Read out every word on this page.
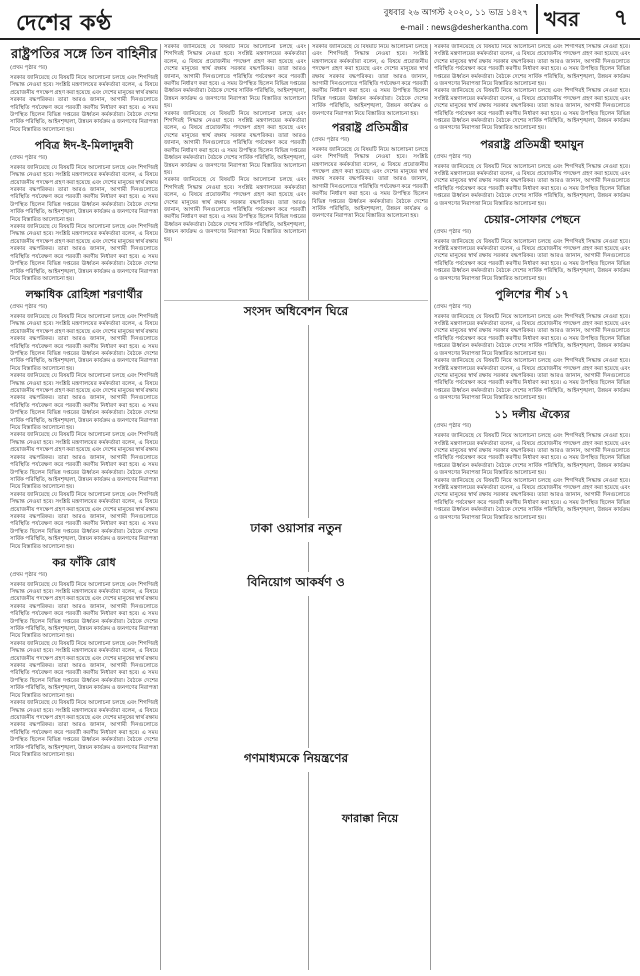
দেশের কণ্ঠ	বুধবার ২৬ আগস্ট ২০২০, ১১ ভাদ্র ১৪২৭
e-mail : news@desherkantha.com খবর	৭
রাষ্ট্রপতির সঙ্গে তিন বাহিনীর
(প্রথম পৃষ্ঠার পর)
সরকার জানিয়েছে যে বিষয়টি নিয়ে আলোচনা চলছে এবং শিগগিরই সিদ্ধান্ত নেওয়া হবে। সংশ্লিষ্ট মন্ত্রণালয়ের কর্মকর্তারা বলেন, এ বিষয়ে প্রয়োজনীয় পদক্ষেপ গ্রহণ করা হয়েছে এবং দেশের মানুষের স্বার্থ রক্ষায় সরকার বদ্ধপরিকর। তারা আরও জানান, আগামী দিনগুলোতে পরিস্থিতি পর্যবেক্ষণ করে পরবর্তী করণীয় নির্ধারণ করা হবে। এ সময় উপস্থিত ছিলেন বিভিন্ন দপ্তরের ঊর্ধ্বতন কর্মকর্তারা। বৈঠকে দেশের সার্বিক পরিস্থিতি, আইনশৃঙ্খলা, উন্নয়ন কার্যক্রম ও জনগণের নিরাপত্তা নিয়ে বিস্তারিত আলোচনা হয়।
পবিত্র ঈদ-ই-মিলাদুন্নবী
(প্রথম পৃষ্ঠার পর)
সরকার জানিয়েছে যে বিষয়টি নিয়ে আলোচনা চলছে এবং শিগগিরই সিদ্ধান্ত নেওয়া হবে। সংশ্লিষ্ট মন্ত্রণালয়ের কর্মকর্তারা বলেন, এ বিষয়ে প্রয়োজনীয় পদক্ষেপ গ্রহণ করা হয়েছে এবং দেশের মানুষের স্বার্থ রক্ষায় সরকার বদ্ধপরিকর। তারা আরও জানান, আগামী দিনগুলোতে পরিস্থিতি পর্যবেক্ষণ করে পরবর্তী করণীয় নির্ধারণ করা হবে। এ সময় উপস্থিত ছিলেন বিভিন্ন দপ্তরের ঊর্ধ্বতন কর্মকর্তারা। বৈঠকে দেশের সার্বিক পরিস্থিতি, আইনশৃঙ্খলা, উন্নয়ন কার্যক্রম ও জনগণের নিরাপত্তা নিয়ে বিস্তারিত আলোচনা হয়।
সরকার জানিয়েছে যে বিষয়টি নিয়ে আলোচনা চলছে এবং শিগগিরই সিদ্ধান্ত নেওয়া হবে। সংশ্লিষ্ট মন্ত্রণালয়ের কর্মকর্তারা বলেন, এ বিষয়ে প্রয়োজনীয় পদক্ষেপ গ্রহণ করা হয়েছে এবং দেশের মানুষের স্বার্থ রক্ষায় সরকার বদ্ধপরিকর। তারা আরও জানান, আগামী দিনগুলোতে পরিস্থিতি পর্যবেক্ষণ করে পরবর্তী করণীয় নির্ধারণ করা হবে। এ সময় উপস্থিত ছিলেন বিভিন্ন দপ্তরের ঊর্ধ্বতন কর্মকর্তারা। বৈঠকে দেশের সার্বিক পরিস্থিতি, আইনশৃঙ্খলা, উন্নয়ন কার্যক্রম ও জনগণের নিরাপত্তা নিয়ে বিস্তারিত আলোচনা হয়।
লক্ষাধিক রোহিঙ্গা শরণার্থীর
(প্রথম পৃষ্ঠার পর)
সরকার জানিয়েছে যে বিষয়টি নিয়ে আলোচনা চলছে এবং শিগগিরই সিদ্ধান্ত নেওয়া হবে। সংশ্লিষ্ট মন্ত্রণালয়ের কর্মকর্তারা বলেন, এ বিষয়ে প্রয়োজনীয় পদক্ষেপ গ্রহণ করা হয়েছে এবং দেশের মানুষের স্বার্থ রক্ষায় সরকার বদ্ধপরিকর। তারা আরও জানান, আগামী দিনগুলোতে পরিস্থিতি পর্যবেক্ষণ করে পরবর্তী করণীয় নির্ধারণ করা হবে। এ সময় উপস্থিত ছিলেন বিভিন্ন দপ্তরের ঊর্ধ্বতন কর্মকর্তারা। বৈঠকে দেশের সার্বিক পরিস্থিতি, আইনশৃঙ্খলা, উন্নয়ন কার্যক্রম ও জনগণের নিরাপত্তা নিয়ে বিস্তারিত আলোচনা হয়।
সরকার জানিয়েছে যে বিষয়টি নিয়ে আলোচনা চলছে এবং শিগগিরই সিদ্ধান্ত নেওয়া হবে। সংশ্লিষ্ট মন্ত্রণালয়ের কর্মকর্তারা বলেন, এ বিষয়ে প্রয়োজনীয় পদক্ষেপ গ্রহণ করা হয়েছে এবং দেশের মানুষের স্বার্থ রক্ষায় সরকার বদ্ধপরিকর। তারা আরও জানান, আগামী দিনগুলোতে পরিস্থিতি পর্যবেক্ষণ করে পরবর্তী করণীয় নির্ধারণ করা হবে। এ সময় উপস্থিত ছিলেন বিভিন্ন দপ্তরের ঊর্ধ্বতন কর্মকর্তারা। বৈঠকে দেশের সার্বিক পরিস্থিতি, আইনশৃঙ্খলা, উন্নয়ন কার্যক্রম ও জনগণের নিরাপত্তা নিয়ে বিস্তারিত আলোচনা হয়।
সরকার জানিয়েছে যে বিষয়টি নিয়ে আলোচনা চলছে এবং শিগগিরই সিদ্ধান্ত নেওয়া হবে। সংশ্লিষ্ট মন্ত্রণালয়ের কর্মকর্তারা বলেন, এ বিষয়ে প্রয়োজনীয় পদক্ষেপ গ্রহণ করা হয়েছে এবং দেশের মানুষের স্বার্থ রক্ষায় সরকার বদ্ধপরিকর। তারা আরও জানান, আগামী দিনগুলোতে পরিস্থিতি পর্যবেক্ষণ করে পরবর্তী করণীয় নির্ধারণ করা হবে। এ সময় উপস্থিত ছিলেন বিভিন্ন দপ্তরের ঊর্ধ্বতন কর্মকর্তারা। বৈঠকে দেশের সার্বিক পরিস্থিতি, আইনশৃঙ্খলা, উন্নয়ন কার্যক্রম ও জনগণের নিরাপত্তা নিয়ে বিস্তারিত আলোচনা হয়।
সরকার জানিয়েছে যে বিষয়টি নিয়ে আলোচনা চলছে এবং শিগগিরই সিদ্ধান্ত নেওয়া হবে। সংশ্লিষ্ট মন্ত্রণালয়ের কর্মকর্তারা বলেন, এ বিষয়ে প্রয়োজনীয় পদক্ষেপ গ্রহণ করা হয়েছে এবং দেশের মানুষের স্বার্থ রক্ষায় সরকার বদ্ধপরিকর। তারা আরও জানান, আগামী দিনগুলোতে পরিস্থিতি পর্যবেক্ষণ করে পরবর্তী করণীয় নির্ধারণ করা হবে। এ সময় উপস্থিত ছিলেন বিভিন্ন দপ্তরের ঊর্ধ্বতন কর্মকর্তারা। বৈঠকে দেশের সার্বিক পরিস্থিতি, আইনশৃঙ্খলা, উন্নয়ন কার্যক্রম ও জনগণের নিরাপত্তা নিয়ে বিস্তারিত আলোচনা হয়।
কর ফাঁকি রোধ
(প্রথম পৃষ্ঠার পর)
সরকার জানিয়েছে যে বিষয়টি নিয়ে আলোচনা চলছে এবং শিগগিরই সিদ্ধান্ত নেওয়া হবে। সংশ্লিষ্ট মন্ত্রণালয়ের কর্মকর্তারা বলেন, এ বিষয়ে প্রয়োজনীয় পদক্ষেপ গ্রহণ করা হয়েছে এবং দেশের মানুষের স্বার্থ রক্ষায় সরকার বদ্ধপরিকর। তারা আরও জানান, আগামী দিনগুলোতে পরিস্থিতি পর্যবেক্ষণ করে পরবর্তী করণীয় নির্ধারণ করা হবে। এ সময় উপস্থিত ছিলেন বিভিন্ন দপ্তরের ঊর্ধ্বতন কর্মকর্তারা। বৈঠকে দেশের সার্বিক পরিস্থিতি, আইনশৃঙ্খলা, উন্নয়ন কার্যক্রম ও জনগণের নিরাপত্তা নিয়ে বিস্তারিত আলোচনা হয়।
সরকার জানিয়েছে যে বিষয়টি নিয়ে আলোচনা চলছে এবং শিগগিরই সিদ্ধান্ত নেওয়া হবে। সংশ্লিষ্ট মন্ত্রণালয়ের কর্মকর্তারা বলেন, এ বিষয়ে প্রয়োজনীয় পদক্ষেপ গ্রহণ করা হয়েছে এবং দেশের মানুষের স্বার্থ রক্ষায় সরকার বদ্ধপরিকর। তারা আরও জানান, আগামী দিনগুলোতে পরিস্থিতি পর্যবেক্ষণ করে পরবর্তী করণীয় নির্ধারণ করা হবে। এ সময় উপস্থিত ছিলেন বিভিন্ন দপ্তরের ঊর্ধ্বতন কর্মকর্তারা। বৈঠকে দেশের সার্বিক পরিস্থিতি, আইনশৃঙ্খলা, উন্নয়ন কার্যক্রম ও জনগণের নিরাপত্তা নিয়ে বিস্তারিত আলোচনা হয়।
সরকার জানিয়েছে যে বিষয়টি নিয়ে আলোচনা চলছে এবং শিগগিরই সিদ্ধান্ত নেওয়া হবে। সংশ্লিষ্ট মন্ত্রণালয়ের কর্মকর্তারা বলেন, এ বিষয়ে প্রয়োজনীয় পদক্ষেপ গ্রহণ করা হয়েছে এবং দেশের মানুষের স্বার্থ রক্ষায় সরকার বদ্ধপরিকর। তারা আরও জানান, আগামী দিনগুলোতে পরিস্থিতি পর্যবেক্ষণ করে পরবর্তী করণীয় নির্ধারণ করা হবে। এ সময় উপস্থিত ছিলেন বিভিন্ন দপ্তরের ঊর্ধ্বতন কর্মকর্তারা। বৈঠকে দেশের সার্বিক পরিস্থিতি, আইনশৃঙ্খলা, উন্নয়ন কার্যক্রম ও জনগণের নিরাপত্তা নিয়ে বিস্তারিত আলোচনা হয়।
সরকার জানিয়েছে যে বিষয়টি নিয়ে আলোচনা চলছে এবং শিগগিরই সিদ্ধান্ত নেওয়া হবে। সংশ্লিষ্ট মন্ত্রণালয়ের কর্মকর্তারা বলেন, এ বিষয়ে প্রয়োজনীয় পদক্ষেপ গ্রহণ করা হয়েছে এবং দেশের মানুষের স্বার্থ রক্ষায় সরকার বদ্ধপরিকর। তারা আরও জানান, আগামী দিনগুলোতে পরিস্থিতি পর্যবেক্ষণ করে পরবর্তী করণীয় নির্ধারণ করা হবে। এ সময় উপস্থিত ছিলেন বিভিন্ন দপ্তরের ঊর্ধ্বতন কর্মকর্তারা। বৈঠকে দেশের সার্বিক পরিস্থিতি, আইনশৃঙ্খলা, উন্নয়ন কার্যক্রম ও জনগণের নিরাপত্তা নিয়ে বিস্তারিত আলোচনা হয়।
সরকার জানিয়েছে যে বিষয়টি নিয়ে আলোচনা চলছে এবং শিগগিরই সিদ্ধান্ত নেওয়া হবে। সংশ্লিষ্ট মন্ত্রণালয়ের কর্মকর্তারা বলেন, এ বিষয়ে প্রয়োজনীয় পদক্ষেপ গ্রহণ করা হয়েছে এবং দেশের মানুষের স্বার্থ রক্ষায় সরকার বদ্ধপরিকর। তারা আরও জানান, আগামী দিনগুলোতে পরিস্থিতি পর্যবেক্ষণ করে পরবর্তী করণীয় নির্ধারণ করা হবে। এ সময় উপস্থিত ছিলেন বিভিন্ন দপ্তরের ঊর্ধ্বতন কর্মকর্তারা। বৈঠকে দেশের সার্বিক পরিস্থিতি, আইনশৃঙ্খলা, উন্নয়ন কার্যক্রম ও জনগণের নিরাপত্তা নিয়ে বিস্তারিত আলোচনা হয়।
সরকার জানিয়েছে যে বিষয়টি নিয়ে আলোচনা চলছে এবং শিগগিরই সিদ্ধান্ত নেওয়া হবে। সংশ্লিষ্ট মন্ত্রণালয়ের কর্মকর্তারা বলেন, এ বিষয়ে প্রয়োজনীয় পদক্ষেপ গ্রহণ করা হয়েছে এবং দেশের মানুষের স্বার্থ রক্ষায় সরকার বদ্ধপরিকর। তারা আরও জানান, আগামী দিনগুলোতে পরিস্থিতি পর্যবেক্ষণ করে পরবর্তী করণীয় নির্ধারণ করা হবে। এ সময় উপস্থিত ছিলেন বিভিন্ন দপ্তরের ঊর্ধ্বতন কর্মকর্তারা। বৈঠকে দেশের সার্বিক পরিস্থিতি, আইনশৃঙ্খলা, উন্নয়ন কার্যক্রম ও জনগণের নিরাপত্তা নিয়ে বিস্তারিত আলোচনা হয়।
সরকার জানিয়েছে যে বিষয়টি নিয়ে আলোচনা চলছে এবং শিগগিরই সিদ্ধান্ত নেওয়া হবে। সংশ্লিষ্ট মন্ত্রণালয়ের কর্মকর্তারা বলেন, এ বিষয়ে প্রয়োজনীয় পদক্ষেপ গ্রহণ করা হয়েছে এবং দেশের মানুষের স্বার্থ রক্ষায় সরকার বদ্ধপরিকর। তারা আরও জানান, আগামী দিনগুলোতে পরিস্থিতি পর্যবেক্ষণ করে পরবর্তী করণীয় নির্ধারণ করা হবে। এ সময় উপস্থিত ছিলেন বিভিন্ন দপ্তরের ঊর্ধ্বতন কর্মকর্তারা। বৈঠকে দেশের সার্বিক পরিস্থিতি, আইনশৃঙ্খলা, উন্নয়ন কার্যক্রম ও জনগণের নিরাপত্তা নিয়ে বিস্তারিত আলোচনা হয়।
পররাষ্ট্র প্রতিমন্ত্রীর
(প্রথম পৃষ্ঠার পর)
সরকার জানিয়েছে যে বিষয়টি নিয়ে আলোচনা চলছে এবং শিগগিরই সিদ্ধান্ত নেওয়া হবে। সংশ্লিষ্ট মন্ত্রণালয়ের কর্মকর্তারা বলেন, এ বিষয়ে প্রয়োজনীয় পদক্ষেপ গ্রহণ করা হয়েছে এবং দেশের মানুষের স্বার্থ রক্ষায় সরকার বদ্ধপরিকর। তারা আরও জানান, আগামী দিনগুলোতে পরিস্থিতি পর্যবেক্ষণ করে পরবর্তী করণীয় নির্ধারণ করা হবে। এ সময় উপস্থিত ছিলেন বিভিন্ন দপ্তরের ঊর্ধ্বতন কর্মকর্তারা। বৈঠকে দেশের সার্বিক পরিস্থিতি, আইনশৃঙ্খলা, উন্নয়ন কার্যক্রম ও জনগণের নিরাপত্তা নিয়ে বিস্তারিত আলোচনা হয়।
সংসদ অধিবেশন ঘিরে
ঢাকা ওয়াসার নতুন
বিনিয়োগ আকর্ষণ ও
গণমাধ্যমকে নিয়ন্ত্রণের
ফারাক্কা নিয়ে
সরকার জানিয়েছে যে বিষয়টি নিয়ে আলোচনা চলছে এবং শিগগিরই সিদ্ধান্ত নেওয়া হবে। সংশ্লিষ্ট মন্ত্রণালয়ের কর্মকর্তারা বলেন, এ বিষয়ে প্রয়োজনীয় পদক্ষেপ গ্রহণ করা হয়েছে এবং দেশের মানুষের স্বার্থ রক্ষায় সরকার বদ্ধপরিকর। তারা আরও জানান, আগামী দিনগুলোতে পরিস্থিতি পর্যবেক্ষণ করে পরবর্তী করণীয় নির্ধারণ করা হবে। এ সময় উপস্থিত ছিলেন বিভিন্ন দপ্তরের ঊর্ধ্বতন কর্মকর্তারা। বৈঠকে দেশের সার্বিক পরিস্থিতি, আইনশৃঙ্খলা, উন্নয়ন কার্যক্রম ও জনগণের নিরাপত্তা নিয়ে বিস্তারিত আলোচনা হয়।
সরকার জানিয়েছে যে বিষয়টি নিয়ে আলোচনা চলছে এবং শিগগিরই সিদ্ধান্ত নেওয়া হবে। সংশ্লিষ্ট মন্ত্রণালয়ের কর্মকর্তারা বলেন, এ বিষয়ে প্রয়োজনীয় পদক্ষেপ গ্রহণ করা হয়েছে এবং দেশের মানুষের স্বার্থ রক্ষায় সরকার বদ্ধপরিকর। তারা আরও জানান, আগামী দিনগুলোতে পরিস্থিতি পর্যবেক্ষণ করে পরবর্তী করণীয় নির্ধারণ করা হবে। এ সময় উপস্থিত ছিলেন বিভিন্ন দপ্তরের ঊর্ধ্বতন কর্মকর্তারা। বৈঠকে দেশের সার্বিক পরিস্থিতি, আইনশৃঙ্খলা, উন্নয়ন কার্যক্রম ও জনগণের নিরাপত্তা নিয়ে বিস্তারিত আলোচনা হয়।
পররাষ্ট্র প্রতিমন্ত্রী হুমায়ুন
(প্রথম পৃষ্ঠার পর)
সরকার জানিয়েছে যে বিষয়টি নিয়ে আলোচনা চলছে এবং শিগগিরই সিদ্ধান্ত নেওয়া হবে। সংশ্লিষ্ট মন্ত্রণালয়ের কর্মকর্তারা বলেন, এ বিষয়ে প্রয়োজনীয় পদক্ষেপ গ্রহণ করা হয়েছে এবং দেশের মানুষের স্বার্থ রক্ষায় সরকার বদ্ধপরিকর। তারা আরও জানান, আগামী দিনগুলোতে পরিস্থিতি পর্যবেক্ষণ করে পরবর্তী করণীয় নির্ধারণ করা হবে। এ সময় উপস্থিত ছিলেন বিভিন্ন দপ্তরের ঊর্ধ্বতন কর্মকর্তারা। বৈঠকে দেশের সার্বিক পরিস্থিতি, আইনশৃঙ্খলা, উন্নয়ন কার্যক্রম ও জনগণের নিরাপত্তা নিয়ে বিস্তারিত আলোচনা হয়।
চেয়ার-সোফার পেছনে
(প্রথম পৃষ্ঠার পর)
সরকার জানিয়েছে যে বিষয়টি নিয়ে আলোচনা চলছে এবং শিগগিরই সিদ্ধান্ত নেওয়া হবে। সংশ্লিষ্ট মন্ত্রণালয়ের কর্মকর্তারা বলেন, এ বিষয়ে প্রয়োজনীয় পদক্ষেপ গ্রহণ করা হয়েছে এবং দেশের মানুষের স্বার্থ রক্ষায় সরকার বদ্ধপরিকর। তারা আরও জানান, আগামী দিনগুলোতে পরিস্থিতি পর্যবেক্ষণ করে পরবর্তী করণীয় নির্ধারণ করা হবে। এ সময় উপস্থিত ছিলেন বিভিন্ন দপ্তরের ঊর্ধ্বতন কর্মকর্তারা। বৈঠকে দেশের সার্বিক পরিস্থিতি, আইনশৃঙ্খলা, উন্নয়ন কার্যক্রম ও জনগণের নিরাপত্তা নিয়ে বিস্তারিত আলোচনা হয়।
পুলিশের শীর্ষ ১৭
(প্রথম পৃষ্ঠার পর)
সরকার জানিয়েছে যে বিষয়টি নিয়ে আলোচনা চলছে এবং শিগগিরই সিদ্ধান্ত নেওয়া হবে। সংশ্লিষ্ট মন্ত্রণালয়ের কর্মকর্তারা বলেন, এ বিষয়ে প্রয়োজনীয় পদক্ষেপ গ্রহণ করা হয়েছে এবং দেশের মানুষের স্বার্থ রক্ষায় সরকার বদ্ধপরিকর। তারা আরও জানান, আগামী দিনগুলোতে পরিস্থিতি পর্যবেক্ষণ করে পরবর্তী করণীয় নির্ধারণ করা হবে। এ সময় উপস্থিত ছিলেন বিভিন্ন দপ্তরের ঊর্ধ্বতন কর্মকর্তারা। বৈঠকে দেশের সার্বিক পরিস্থিতি, আইনশৃঙ্খলা, উন্নয়ন কার্যক্রম ও জনগণের নিরাপত্তা নিয়ে বিস্তারিত আলোচনা হয়।
সরকার জানিয়েছে যে বিষয়টি নিয়ে আলোচনা চলছে এবং শিগগিরই সিদ্ধান্ত নেওয়া হবে। সংশ্লিষ্ট মন্ত্রণালয়ের কর্মকর্তারা বলেন, এ বিষয়ে প্রয়োজনীয় পদক্ষেপ গ্রহণ করা হয়েছে এবং দেশের মানুষের স্বার্থ রক্ষায় সরকার বদ্ধপরিকর। তারা আরও জানান, আগামী দিনগুলোতে পরিস্থিতি পর্যবেক্ষণ করে পরবর্তী করণীয় নির্ধারণ করা হবে। এ সময় উপস্থিত ছিলেন বিভিন্ন দপ্তরের ঊর্ধ্বতন কর্মকর্তারা। বৈঠকে দেশের সার্বিক পরিস্থিতি, আইনশৃঙ্খলা, উন্নয়ন কার্যক্রম ও জনগণের নিরাপত্তা নিয়ে বিস্তারিত আলোচনা হয়।
১১ দলীয় ঐক্যের
(প্রথম পৃষ্ঠার পর)
সরকার জানিয়েছে যে বিষয়টি নিয়ে আলোচনা চলছে এবং শিগগিরই সিদ্ধান্ত নেওয়া হবে। সংশ্লিষ্ট মন্ত্রণালয়ের কর্মকর্তারা বলেন, এ বিষয়ে প্রয়োজনীয় পদক্ষেপ গ্রহণ করা হয়েছে এবং দেশের মানুষের স্বার্থ রক্ষায় সরকার বদ্ধপরিকর। তারা আরও জানান, আগামী দিনগুলোতে পরিস্থিতি পর্যবেক্ষণ করে পরবর্তী করণীয় নির্ধারণ করা হবে। এ সময় উপস্থিত ছিলেন বিভিন্ন দপ্তরের ঊর্ধ্বতন কর্মকর্তারা। বৈঠকে দেশের সার্বিক পরিস্থিতি, আইনশৃঙ্খলা, উন্নয়ন কার্যক্রম ও জনগণের নিরাপত্তা নিয়ে বিস্তারিত আলোচনা হয়।
সরকার জানিয়েছে যে বিষয়টি নিয়ে আলোচনা চলছে এবং শিগগিরই সিদ্ধান্ত নেওয়া হবে। সংশ্লিষ্ট মন্ত্রণালয়ের কর্মকর্তারা বলেন, এ বিষয়ে প্রয়োজনীয় পদক্ষেপ গ্রহণ করা হয়েছে এবং দেশের মানুষের স্বার্থ রক্ষায় সরকার বদ্ধপরিকর। তারা আরও জানান, আগামী দিনগুলোতে পরিস্থিতি পর্যবেক্ষণ করে পরবর্তী করণীয় নির্ধারণ করা হবে। এ সময় উপস্থিত ছিলেন বিভিন্ন দপ্তরের ঊর্ধ্বতন কর্মকর্তারা। বৈঠকে দেশের সার্বিক পরিস্থিতি, আইনশৃঙ্খলা, উন্নয়ন কার্যক্রম ও জনগণের নিরাপত্তা নিয়ে বিস্তারিত আলোচনা হয়।
